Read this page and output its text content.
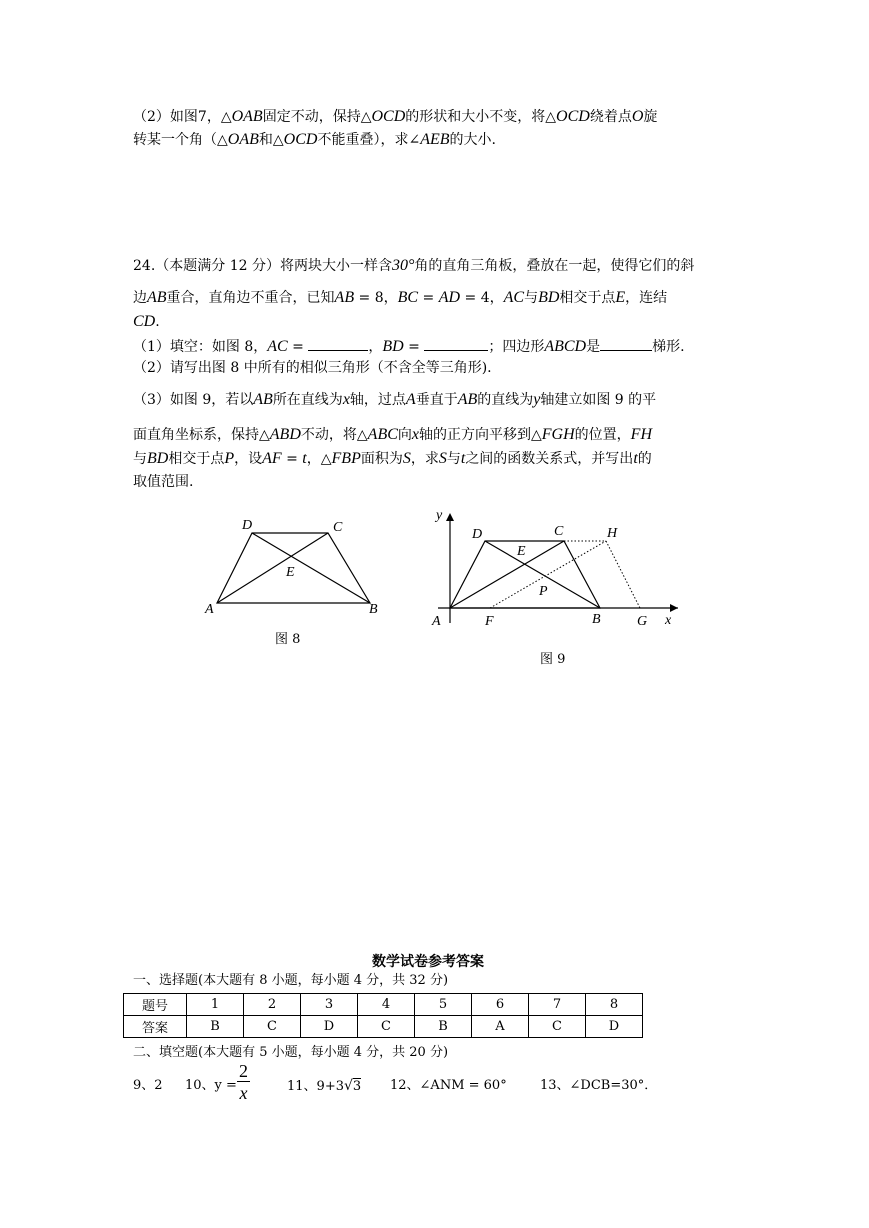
（2）如图7，△OAB固定不动，保持△OCD的形状和大小不变，将△OCD绕着点O旋
转某一个角（△OAB和△OCD不能重叠），求∠AEB的大小.
24.（本题满分 12 分）将两块大小一样含30°角的直角三角板，叠放在一起，使得它们的斜
边AB重合，直角边不重合，已知AB = 8，BC = AD = 4，AC与BD相交于点E，连结
CD.
（1）填空：如图 8，AC =	，BD =	；四边形ABCD是	梯形.
（2）请写出图 8 中所有的相似三角形（不含全等三角形).
（3）如图 9，若以AB所在直线为x轴，过点A垂直于AB的直线为y轴建立如图 9 的平
面直角坐标系，保持△ABD不动，将△ABC向x轴的正方向平移到△FGH的位置，FH
与BD相交于点P，设AF = t，△FBP面积为S，求S与t之间的函数关系式，并写出t的
取值范围.
A	B
C
D
E
图 8
y
x
A	B
C
D
E
F	G
H
P
图 9
数学试卷参考答案
一、选择题(本大题有 8 小题，每小题 4 分，共 32 分)
题号	1	2	3	4	5	6	7	8
答案	B	C	D	C	B	A	C	D
二、填空题(本大题有 5 小题，每小题 4 分，共 20 分)
9、2 10、$y = \frac{2}{x}$	11、9+3√3 12、∠ANM = 60°	13、∠DCB=30°．
